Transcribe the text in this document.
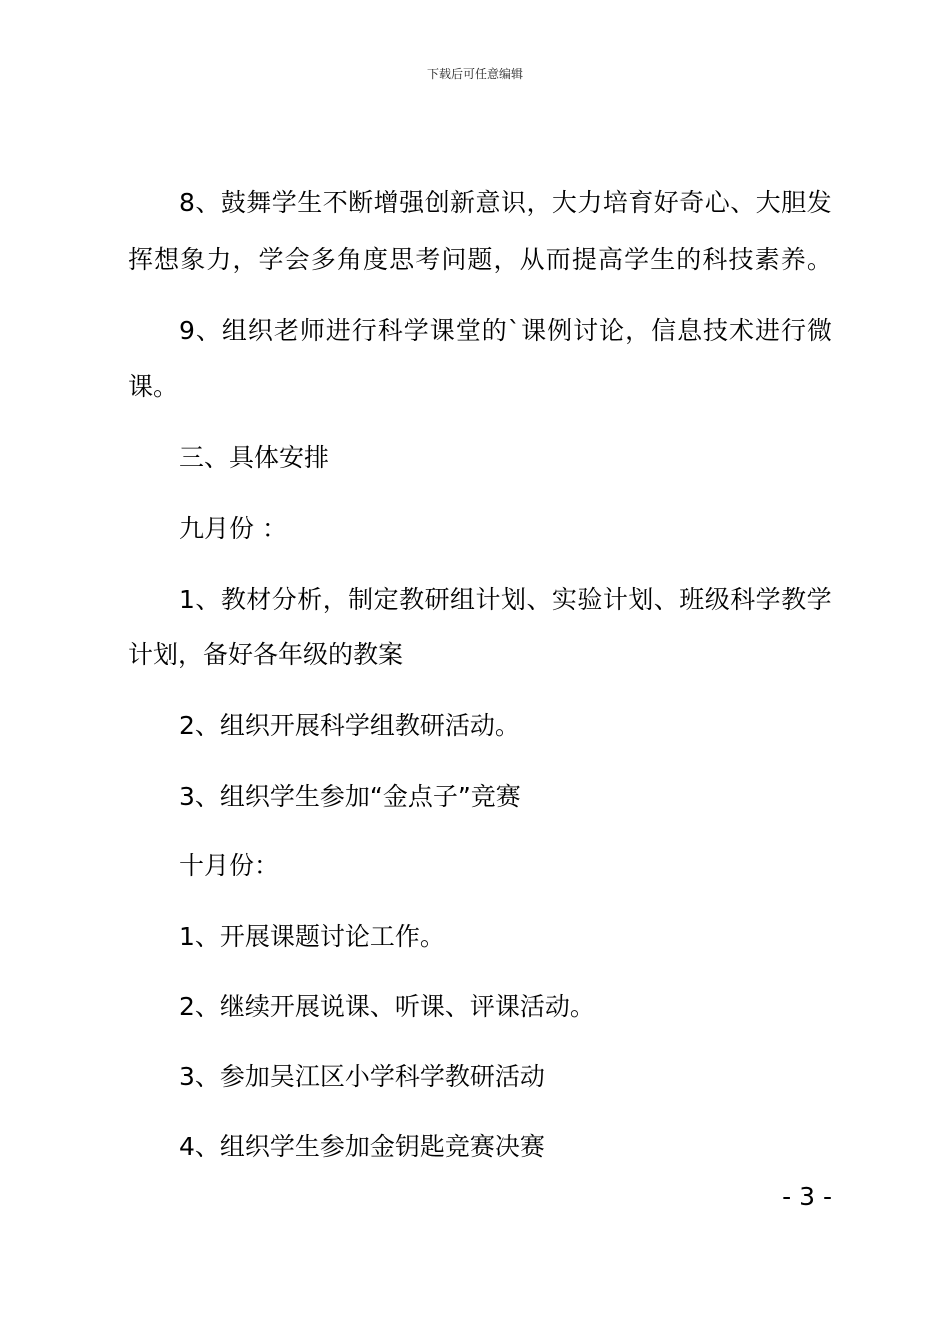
下载后可任意编辑

8 、 鼓 舞 学 生 不 断 增 强 创 新 意 识 ， 大 力 培 育 好 奇 心 、 大 胆 发

挥 想 象 力 ， 学 会 多 角 度 思 考 问 题 ， 从 而 提 高 学 生 的 科 技 素 养 。

9 、 组 织 老 师 进 行 科 学 课 堂 的 ` 课 例 讨 论 ， 信 息 技 术 进 行 微

课。

三、具体安排

九月份 ：

1 、 教 材 分 析 ， 制 定 教 研 组 计 划 、 实 验 计 划 、 班 级 科 学 教 学

计划，备好各年级的教案

2、组织开展科学组教研活动。

3、组织学生参加“金点子”竞赛

十月份：

1、开展课题讨论工作。

2、继续开展说课、听课、评课活动。

3、参加吴江区小学科学教研活动

4、组织学生参加金钥匙竞赛决赛

- 3 -
